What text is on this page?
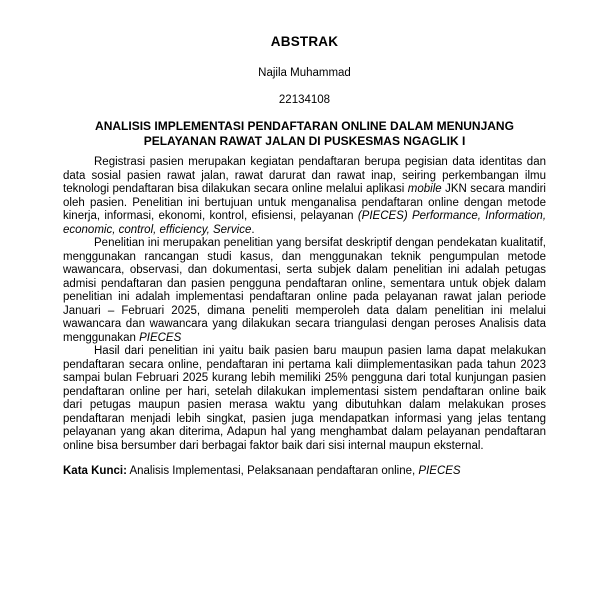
ABSTRAK
Najila Muhammad
22134108
ANALISIS IMPLEMENTASI PENDAFTARAN ONLINE DALAM MENUNJANG PELAYANAN RAWAT JALAN DI PUSKESMAS NGAGLIK I

Registrasi pasien merupakan kegiatan pendaftaran berupa pegisian data identitas dan data sosial pasien rawat jalan, rawat darurat dan rawat inap, seiring perkembangan ilmu teknologi pendaftaran bisa dilakukan secara online melalui aplikasi mobile JKN secara mandiri oleh pasien. Penelitian ini bertujuan untuk menganalisa pendaftaran online dengan metode kinerja, informasi, ekonomi, kontrol, efisiensi, pelayanan (PIECES) Performance, Information, economic, control, efficiency, Service.

Penelitian ini merupakan penelitian yang bersifat deskriptif dengan pendekatan kualitatif, menggunakan rancangan studi kasus, dan menggunakan teknik pengumpulan metode wawancara, observasi, dan dokumentasi, serta subjek dalam penelitian ini adalah petugas admisi pendaftaran dan pasien pengguna pendaftaran online, sementara untuk objek dalam penelitian ini adalah implementasi pendaftaran online pada pelayanan rawat jalan periode Januari – Februari 2025, dimana peneliti memperoleh data dalam penelitian ini melalui wawancara dan wawancara yang dilakukan secara triangulasi dengan peroses Analisis data menggunakan PIECES

Hasil dari penelitian ini yaitu baik pasien baru maupun pasien lama dapat melakukan pendaftaran secara online, pendaftaran ini pertama kali diimplementasikan pada tahun 2023 sampai bulan Februari 2025 kurang lebih memiliki 25% pengguna dari total kunjungan pasien pendaftaran online per hari, setelah dilakukan implementasi sistem pendaftaran online baik dari petugas maupun pasien merasa waktu yang dibutuhkan dalam melakukan proses pendaftaran menjadi lebih singkat, pasien juga mendapatkan informasi yang jelas tentang pelayanan yang akan diterima, Adapun hal yang menghambat dalam pelayanan pendaftaran online bisa bersumber dari berbagai faktor baik dari sisi internal maupun eksternal.

Kata Kunci: Analisis Implementasi, Pelaksanaan pendaftaran online, PIECES
